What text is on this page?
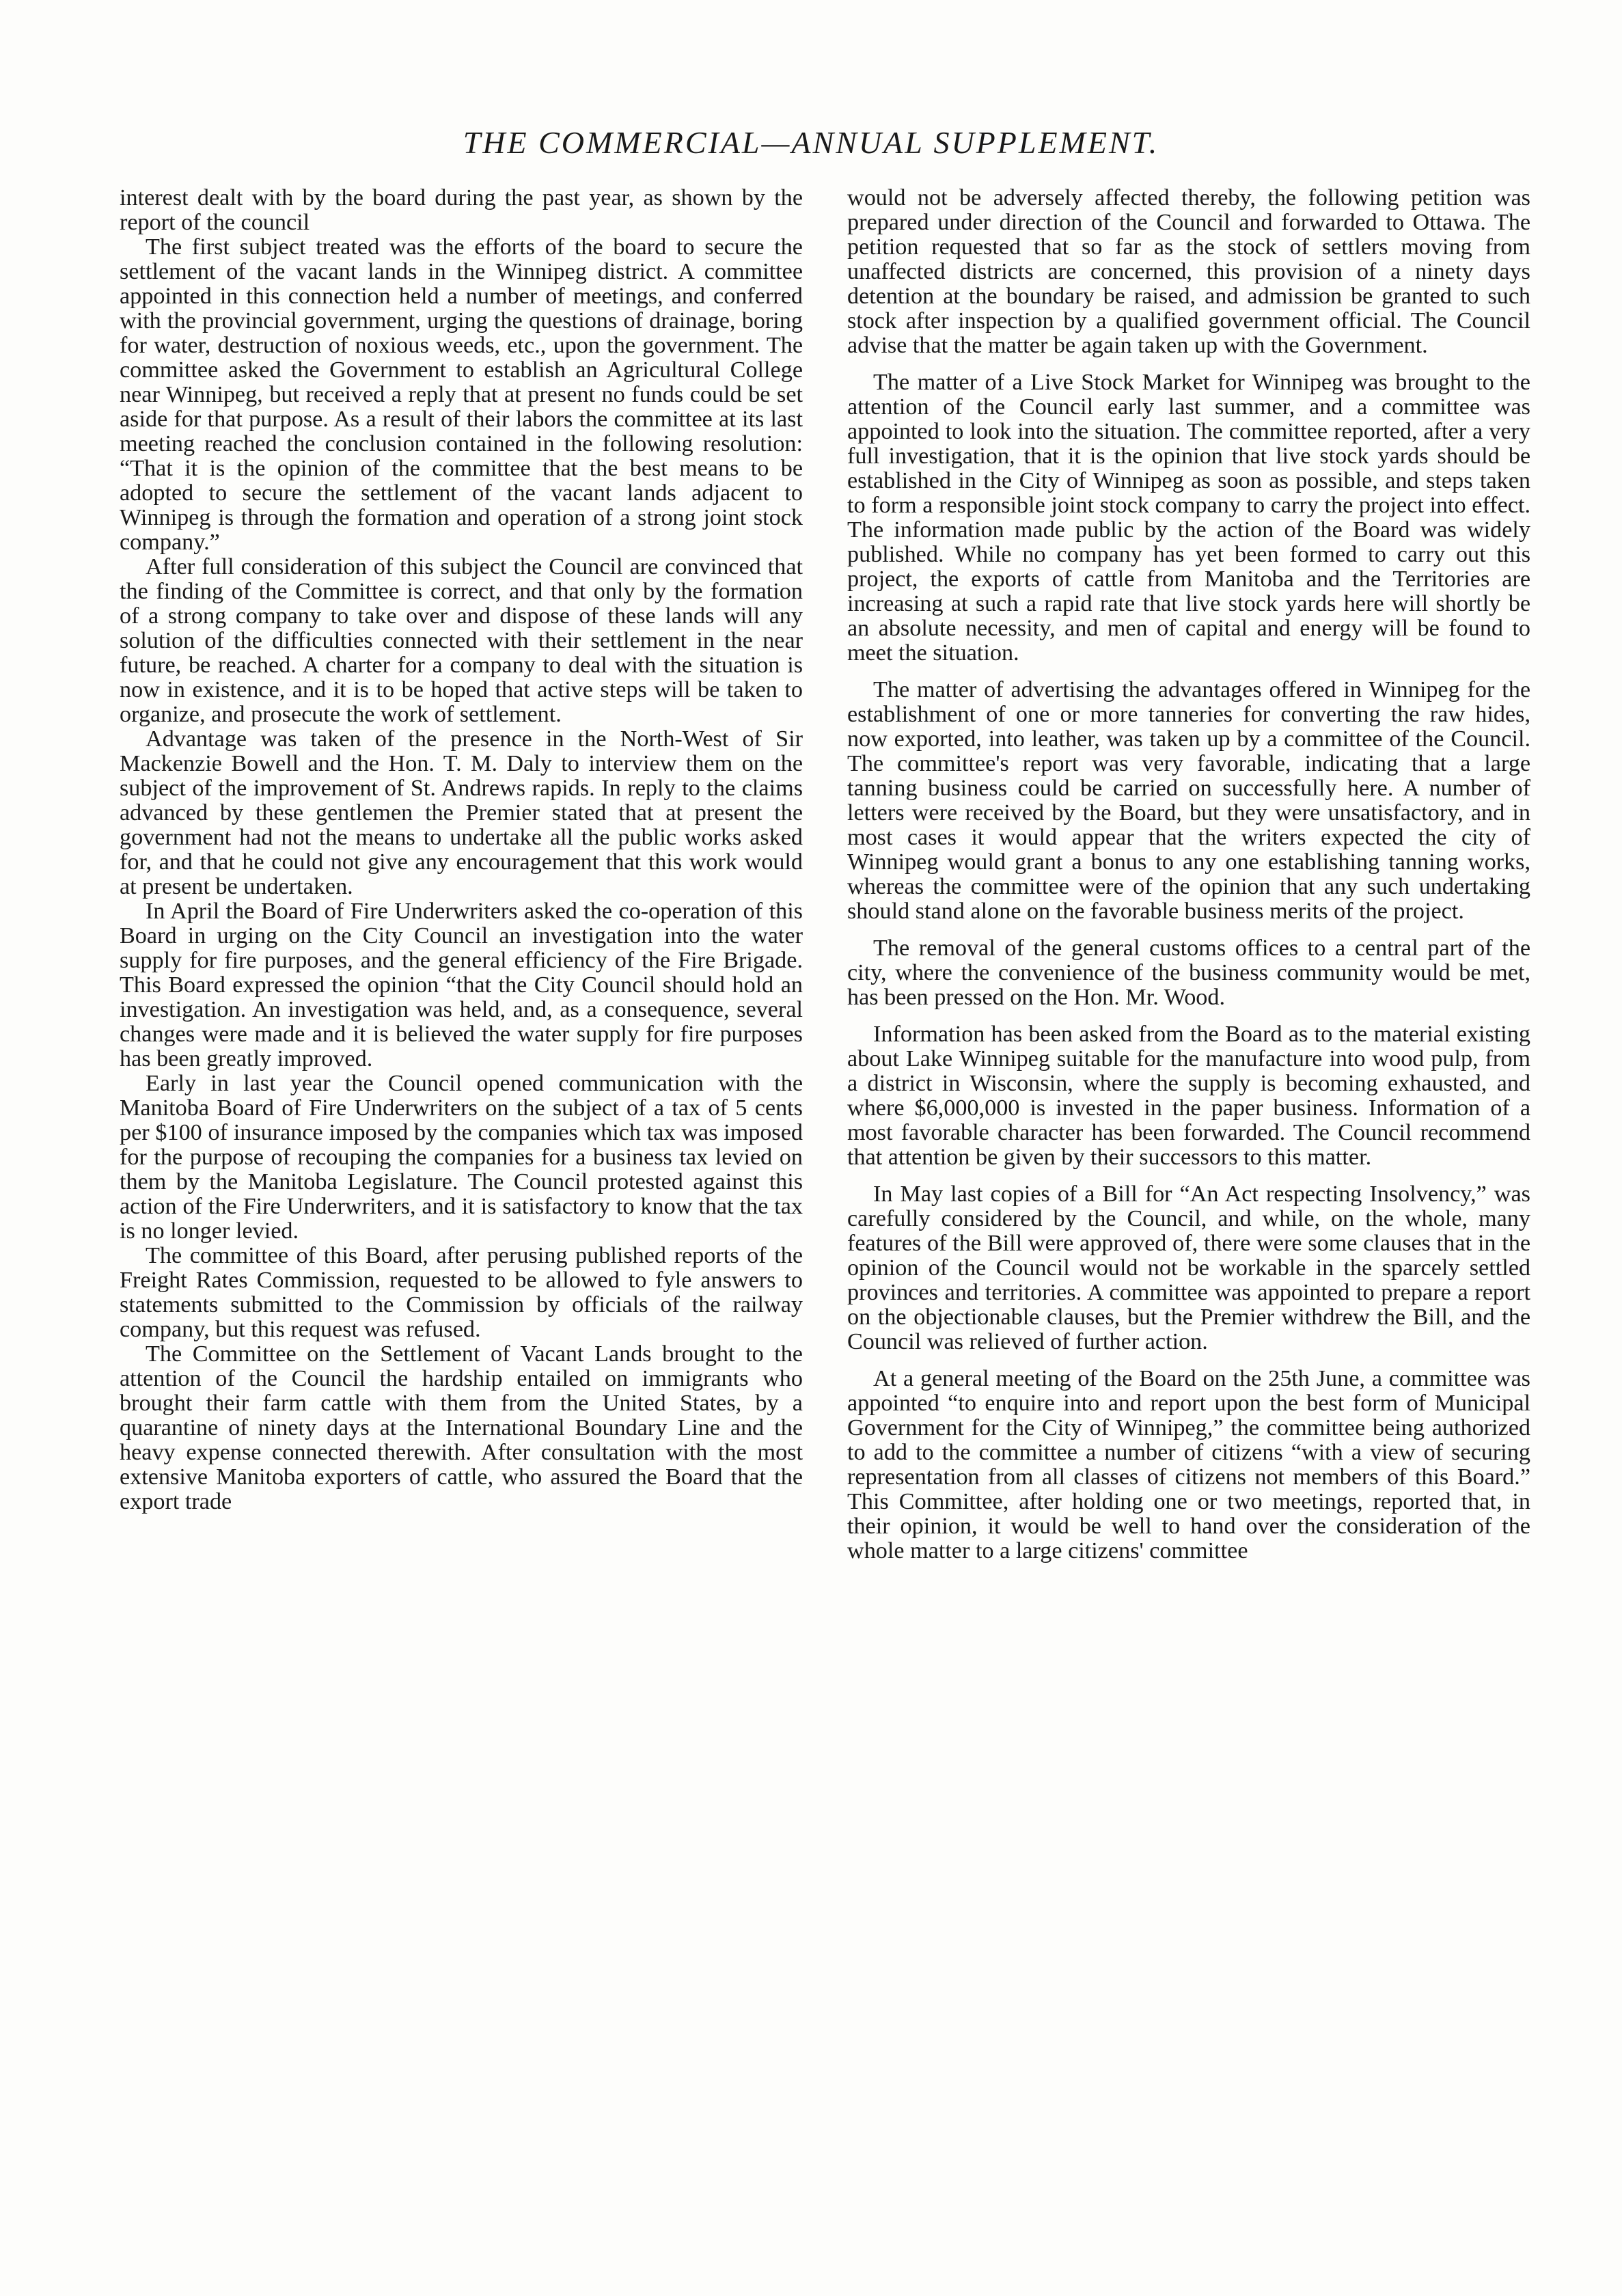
THE COMMERCIAL—ANNUAL SUPPLEMENT.

interest dealt with by the board during the past year, as shown by the report of the council

The first subject treated was the efforts of the board to secure the settlement of the vacant lands in the Winnipeg district. A committee appointed in this connection held a number of meetings, and conferred with the provincial government, urging the questions of drainage, boring for water, destruction of noxious weeds, etc., upon the government. The committee asked the Government to establish an Agricultural College near Winnipeg, but received a reply that at present no funds could be set aside for that purpose. As a result of their labors the committee at its last meeting reached the conclusion contained in the following resolution: “That it is the opinion of the committee that the best means to be adopted to secure the settlement of the vacant lands adjacent to Winnipeg is through the formation and operation of a strong joint stock company.”

After full consideration of this subject the Council are convinced that the finding of the Committee is correct, and that only by the formation of a strong company to take over and dispose of these lands will any solution of the difficulties connected with their settlement in the near future, be reached. A charter for a company to deal with the situation is now in existence, and it is to be hoped that active steps will be taken to organize, and prosecute the work of settlement.

Advantage was taken of the presence in the North-West of Sir Mackenzie Bowell and the Hon. T. M. Daly to interview them on the subject of the improvement of St. Andrews rapids. In reply to the claims advanced by these gentlemen the Premier stated that at present the government had not the means to undertake all the public works asked for, and that he could not give any encouragement that this work would at present be undertaken.

In April the Board of Fire Underwriters asked the co-operation of this Board in urging on the City Council an investigation into the water supply for fire purposes, and the general efficiency of the Fire Brigade. This Board expressed the opinion “that the City Council should hold an investigation. An investigation was held, and, as a consequence, several changes were made and it is believed the water supply for fire purposes has been greatly improved.

Early in last year the Council opened communication with the Manitoba Board of Fire Underwriters on the subject of a tax of 5 cents per $100 of insurance imposed by the companies which tax was imposed for the purpose of recouping the companies for a business tax levied on them by the Manitoba Legislature. The Council protested against this action of the Fire Underwriters, and it is satisfactory to know that the tax is no longer levied.

The committee of this Board, after perusing published reports of the Freight Rates Commission, requested to be allowed to fyle answers to statements submitted to the Commission by officials of the railway company, but this request was refused.

The Committee on the Settlement of Vacant Lands brought to the attention of the Council the hardship entailed on immigrants who brought their farm cattle with them from the United States, by a quarantine of ninety days at the International Boundary Line and the heavy expense connected therewith. After consultation with the most extensive Manitoba exporters of cattle, who assured the Board that the export trade

would not be adversely affected thereby, the following petition was prepared under direction of the Council and forwarded to Ottawa. The petition requested that so far as the stock of settlers moving from unaffected districts are concerned, this provision of a ninety days detention at the boundary be raised, and admission be granted to such stock after inspection by a qualified government official. The Council advise that the matter be again taken up with the Government.

The matter of a Live Stock Market for Winnipeg was brought to the attention of the Council early last summer, and a committee was appointed to look into the situation. The committee reported, after a very full investigation, that it is the opinion that live stock yards should be established in the City of Winnipeg as soon as possible, and steps taken to form a responsible joint stock company to carry the project into effect. The information made public by the action of the Board was widely published. While no company has yet been formed to carry out this project, the exports of cattle from Manitoba and the Territories are increasing at such a rapid rate that live stock yards here will shortly be an absolute necessity, and men of capital and energy will be found to meet the situation.

The matter of advertising the advantages offered in Winnipeg for the establishment of one or more tanneries for converting the raw hides, now exported, into leather, was taken up by a committee of the Council. The committee's report was very favorable, indicating that a large tanning business could be carried on successfully here. A number of letters were received by the Board, but they were unsatisfactory, and in most cases it would appear that the writers expected the city of Winnipeg would grant a bonus to any one establishing tanning works, whereas the committee were of the opinion that any such undertaking should stand alone on the favorable business merits of the project.

The removal of the general customs offices to a central part of the city, where the convenience of the business community would be met, has been pressed on the Hon. Mr. Wood.

Information has been asked from the Board as to the material existing about Lake Winnipeg suitable for the manufacture into wood pulp, from a district in Wisconsin, where the supply is becoming exhausted, and where $6,000,000 is invested in the paper business. Information of a most favorable character has been forwarded. The Council recommend that attention be given by their successors to this matter.

In May last copies of a Bill for “An Act respecting Insolvency,” was carefully considered by the Council, and while, on the whole, many features of the Bill were approved of, there were some clauses that in the opinion of the Council would not be workable in the sparcely settled provinces and territories. A committee was appointed to prepare a report on the objectionable clauses, but the Premier withdrew the Bill, and the Council was relieved of further action.

At a general meeting of the Board on the 25th June, a committee was appointed “to enquire into and report upon the best form of Municipal Government for the City of Winnipeg,” the committee being authorized to add to the committee a number of citizens “with a view of securing representation from all classes of citizens not members of this Board.” This Committee, after holding one or two meetings, reported that, in their opinion, it would be well to hand over the consideration of the whole matter to a large citizens' committee
